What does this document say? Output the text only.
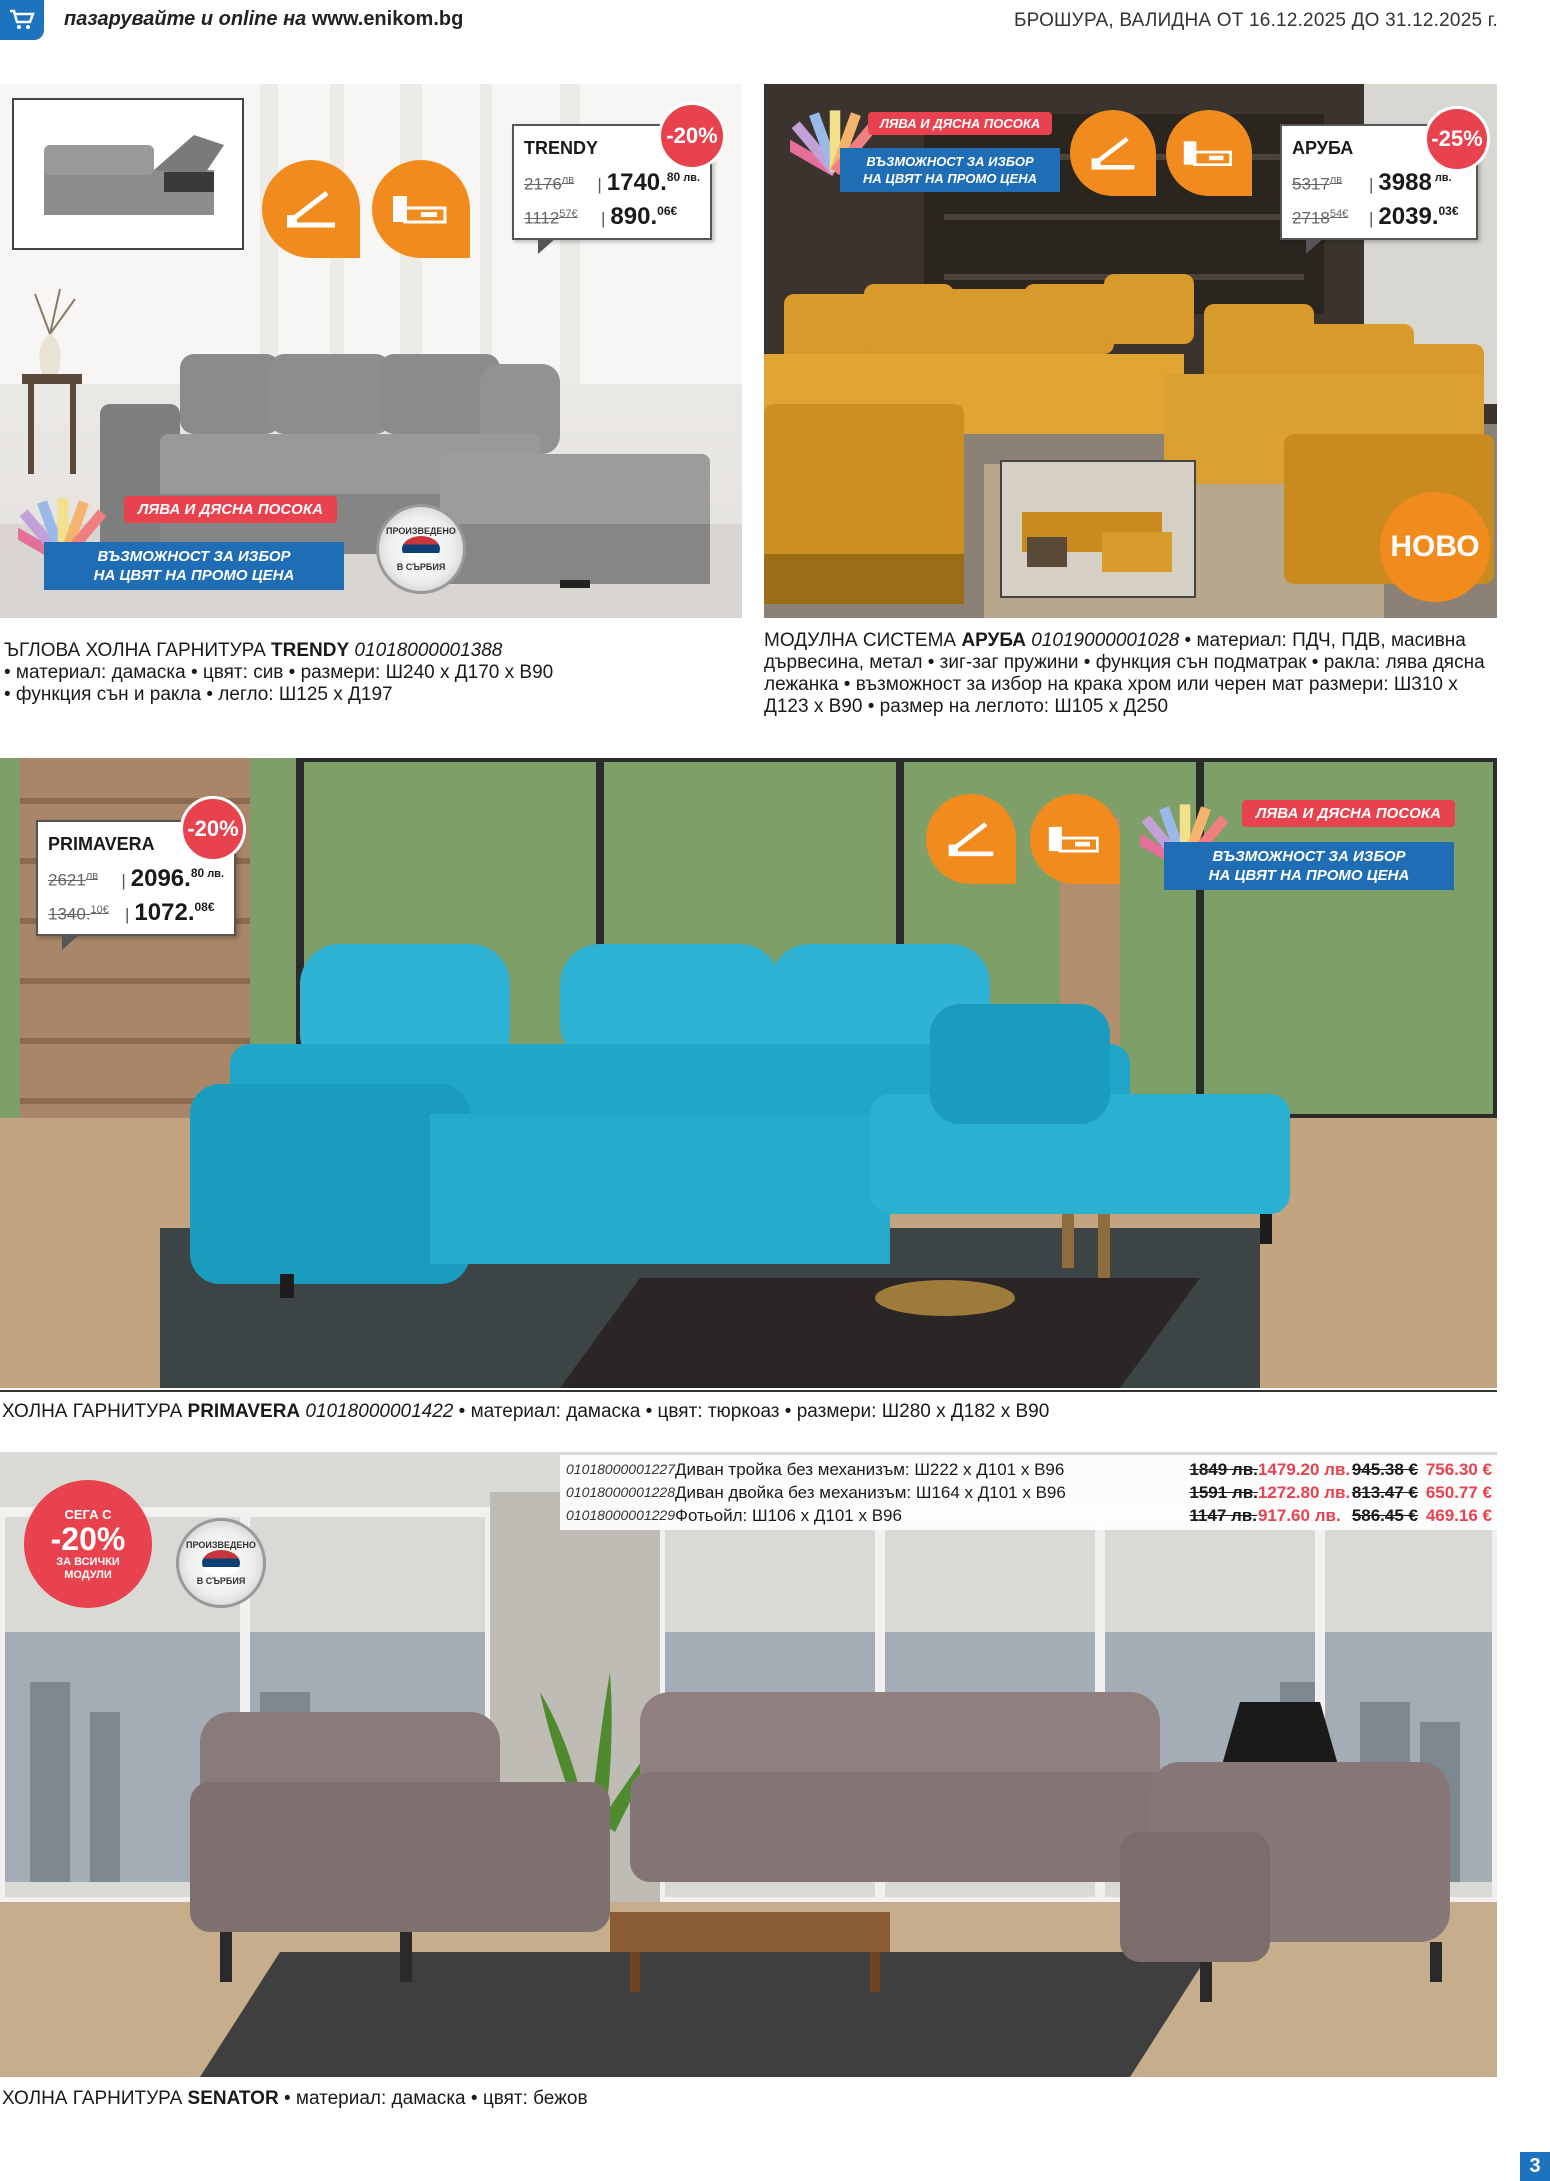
пазарувайте и online на www.enikom.bg	БРОШУРА, ВАЛИДНА ОТ 16.12.2025 ДО 31.12.2025 г.
TRENDY
$2176^{лв}$	| 1740.80 $^{лв.}$
$1112^{57€}$	| 890.$^{06€}$
-20%
ЛЯВА И ДЯСНА ПОСОКА
ВЪЗМОЖНОСТ ЗА ИЗБОР
НА ЦВЯТ НА ПРОМО ЦЕНА
ПРОИЗВЕДЕНО
В СЪРБИЯ
ЪГЛОВА ХОЛНА ГАРНИТУРА TRENDY 01018000001388
• материал: дамаска • цвят: сив • размери: Ш240 х Д170 х В90
• функция сън и ракла • легло: Ш125 х Д197
ЛЯВА И ДЯСНА ПОСОКА
ВЪЗМОЖНОСТ ЗА ИЗБОР
НА ЦВЯТ НА ПРОМО ЦЕНА
АРУБА
$5317^{лв}$	| 3988 $^{лв.}$
$2718^{54€}$	| 2039.$^{03€}$
-25%
НОВО
МОДУЛНА СИСТЕМА АРУБА 01019000001028 • материал: ПДЧ, ПДВ, масивна дървесина, метал • зиг-заг пружини • функция сън подматрак • ракла: лява дясна лежанка • възможност за избор на крака хром или черен мат размери: Ш310 х Д123 х В90 • размер на леглото: Ш105 х Д250
PRIMAVERA
$2621^{лв}$	| 2096.80 $^{лв.}$
1340.$^{10€}$ | 1072.$^{08€}$
-20%
ЛЯВА И ДЯСНА ПОСОКА
ВЪЗМОЖНОСТ ЗА ИЗБОР
НА ЦВЯТ НА ПРОМО ЦЕНА
ХОЛНА ГАРНИТУРА PRIMAVERA 01018000001422 • материал: дамаска • цвят: тюркоаз • размери: Ш280 х Д182 х В90
ПРОИЗВЕДЕНО
В СЪРБИЯ
СЕГА С
-20%
ЗА ВСИЧКИ
МОДУЛИ
01018000001227 Диван тройка без механизъм: Ш222 х Д101 х В96	1849 лв. 1479.20 лв. 945.38 € 756.30 €
01018000001228 Диван двойка без механизъм: Ш164 х Д101 х В96	1591 лв. 1272.80 лв. 813.47 € 650.77 €
01018000001229 Фотьойл: Ш106 х Д101 х В96	1147 лв. 917.60 лв. 586.45 € 469.16 €
ХОЛНА ГАРНИТУРА SENATOR • материал: дамаска • цвят: бежов
3
